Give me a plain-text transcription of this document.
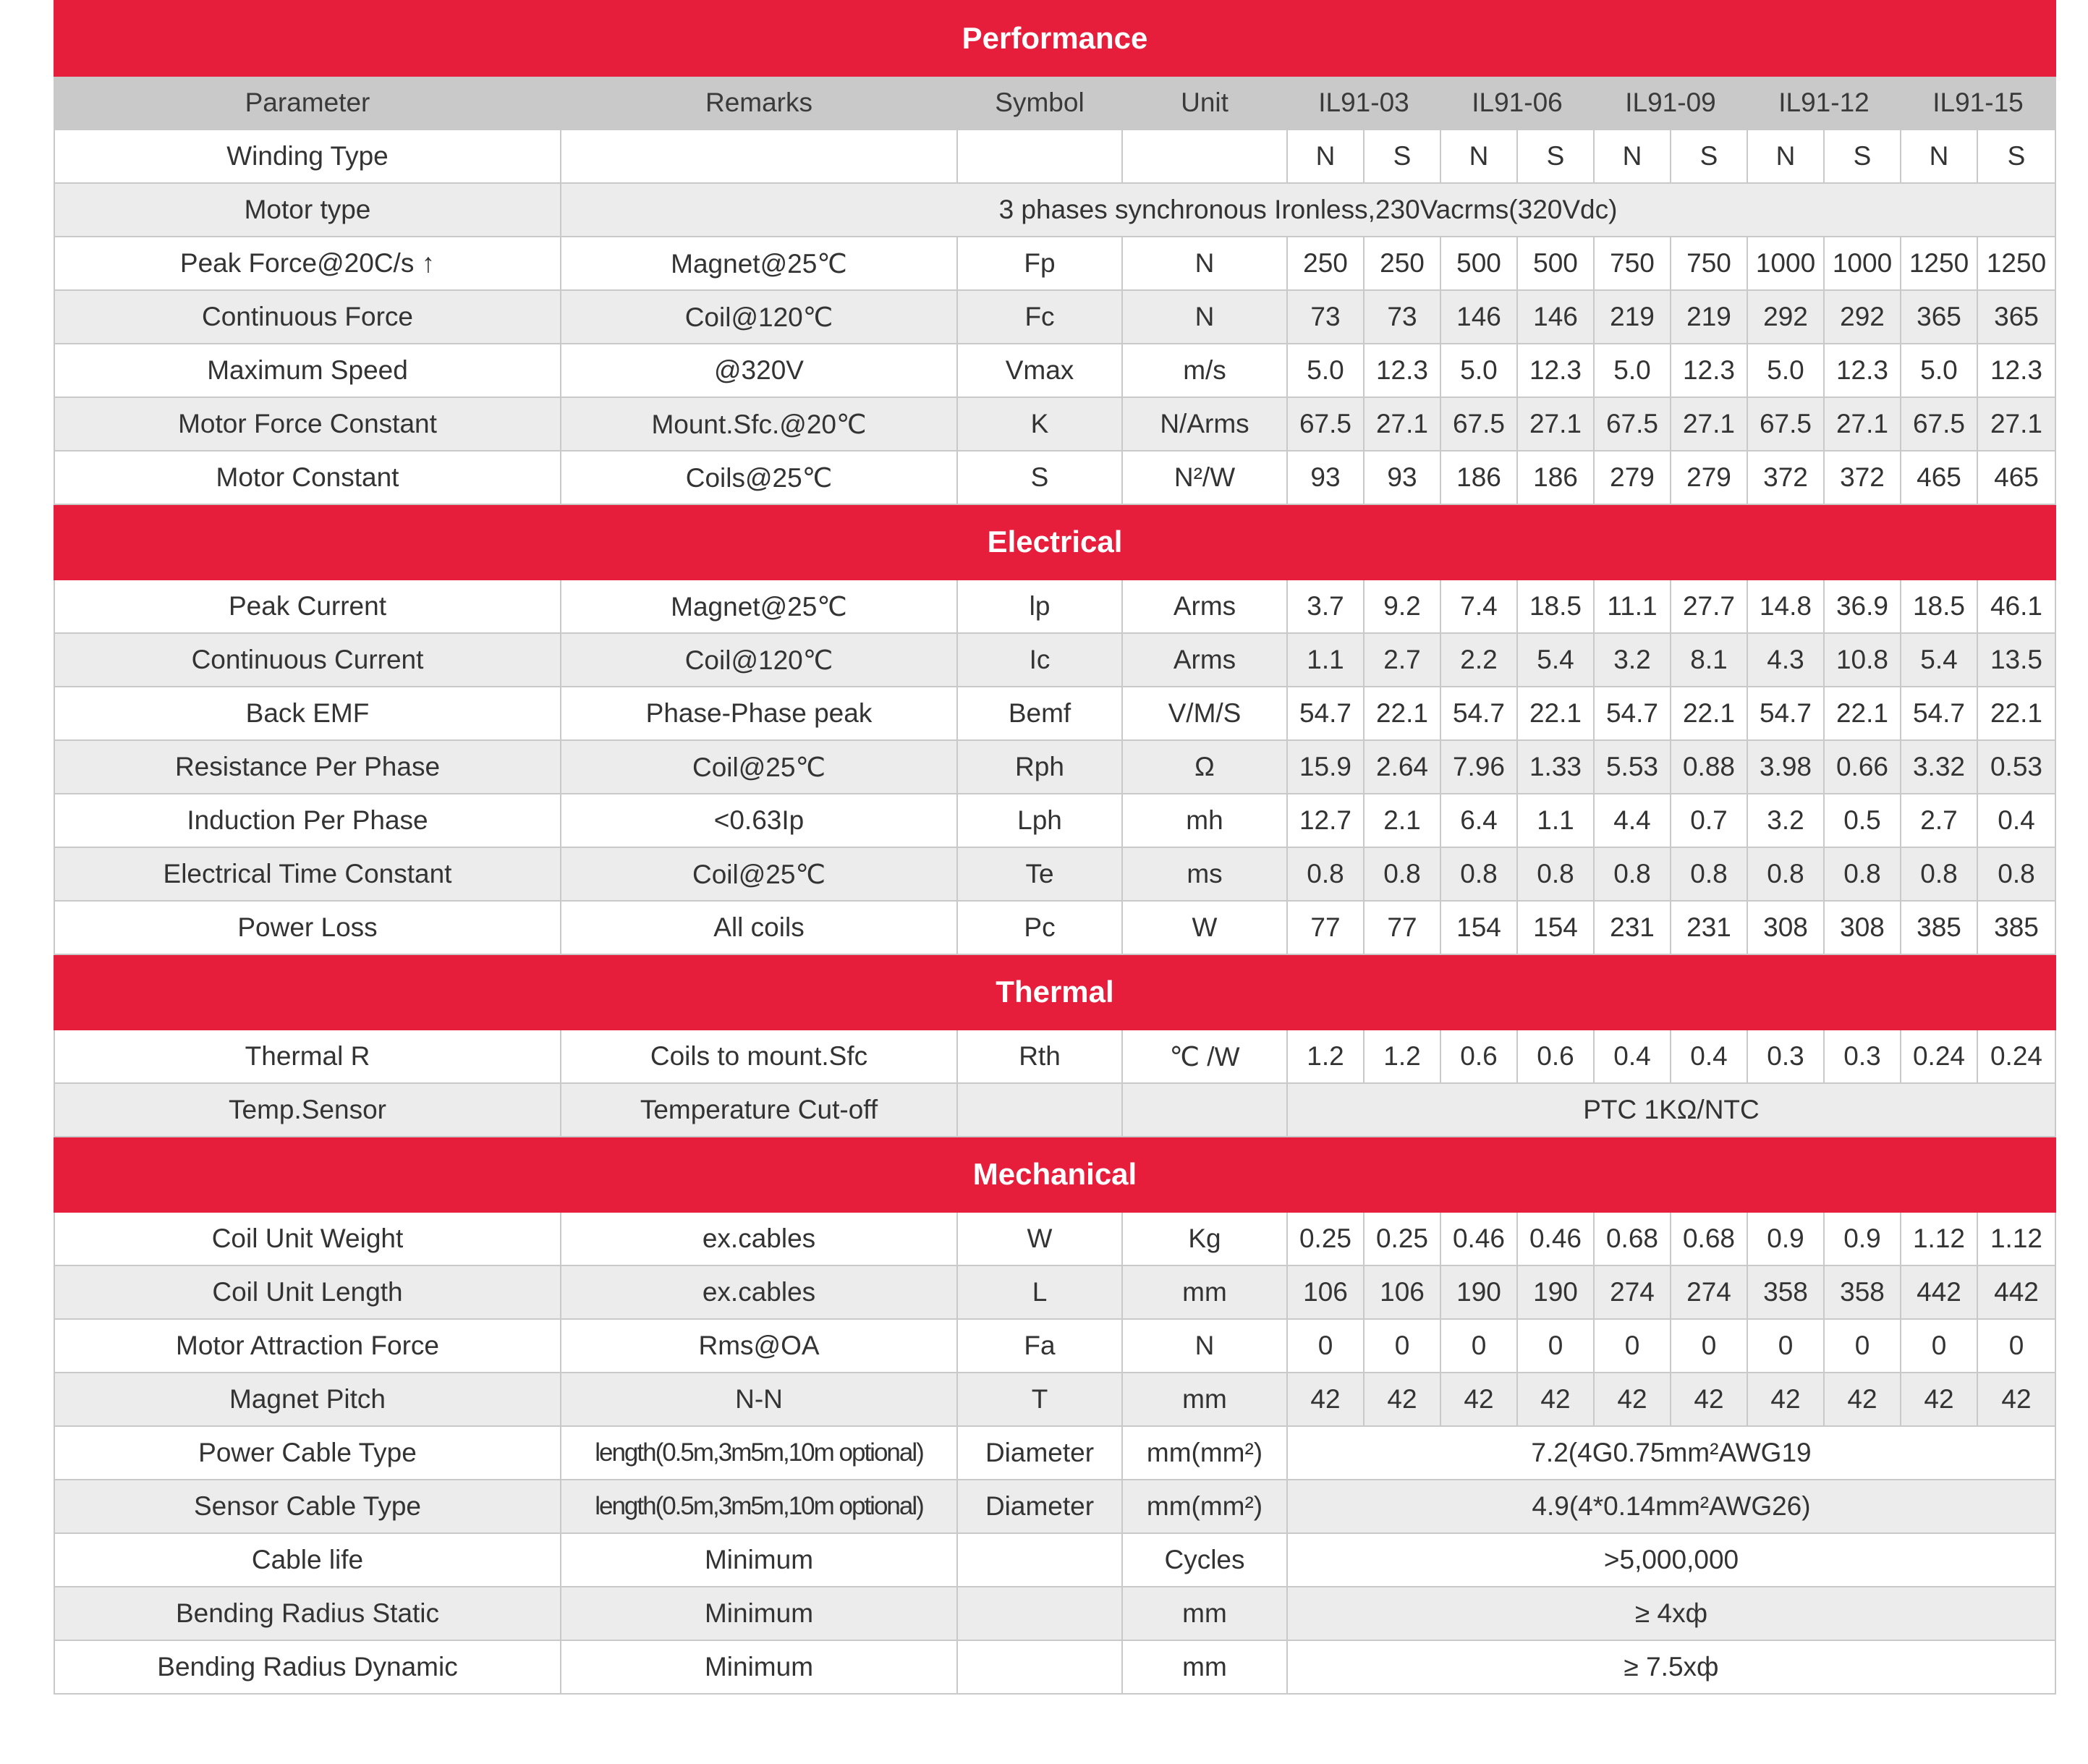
Performance													
Parameter	Remarks	Symbol	Unit	IL91-03		IL91-06		IL91-09		IL91-12		IL91-15	
Winding Type				N	S	N	S	N	S	N	S	N	S
Motor type	3 phases synchronous Ironless,230Vacrms(320Vdc)												
Peak Force@20C/s ↑	Magnet@25℃	Fp	N	250	250	500	500	750	750	1000	1000	1250	1250
Continuous Force	Coil@120℃	Fc	N	73	73	146	146	219	219	292	292	365	365
Maximum Speed	@320V	Vmax	m/s	5.0	12.3	5.0	12.3	5.0	12.3	5.0	12.3	5.0	12.3
Motor Force Constant	Mount.Sfc.@20℃	K	N/Arms	67.5	27.1	67.5	27.1	67.5	27.1	67.5	27.1	67.5	27.1
Motor Constant	Coils@25℃	S	N²/W	93	93	186	186	279	279	372	372	465	465
Electrical													
Peak Current	Magnet@25℃	lp	Arms	3.7	9.2	7.4	18.5	11.1	27.7	14.8	36.9	18.5	46.1
Continuous Current	Coil@120℃	Ic	Arms	1.1	2.7	2.2	5.4	3.2	8.1	4.3	10.8	5.4	13.5
Back EMF	Phase-Phase peak	Bemf	V/M/S	54.7	22.1	54.7	22.1	54.7	22.1	54.7	22.1	54.7	22.1
Resistance Per Phase	Coil@25℃	Rph	Ω	15.9	2.64	7.96	1.33	5.53	0.88	3.98	0.66	3.32	0.53
Induction Per Phase	<0.63Ip	Lph	mh	12.7	2.1	6.4	1.1	4.4	0.7	3.2	0.5	2.7	0.4
Electrical Time Constant	Coil@25℃	Te	ms	0.8	0.8	0.8	0.8	0.8	0.8	0.8	0.8	0.8	0.8
Power Loss	All coils	Pc	W	77	77	154	154	231	231	308	308	385	385
Thermal													
Thermal R	Coils to mount.Sfc	Rth	℃ /W	1.2	1.2	0.6	0.6	0.4	0.4	0.3	0.3	0.24	0.24
Temp.Sensor	Temperature Cut-off			PTC 1KΩ/NTC									
Mechanical													
Coil Unit Weight	ex.cables	W	Kg	0.25	0.25	0.46	0.46	0.68	0.68	0.9	0.9	1.12	1.12
Coil Unit Length	ex.cables	L	mm	106	106	190	190	274	274	358	358	442	442
Motor Attraction Force	Rms@OA	Fa	N	0	0	0	0	0	0	0	0	0	0
Magnet Pitch	N-N	T	mm	42	42	42	42	42	42	42	42	42	42
Power Cable Type	length(0.5m,3m5m,10m optional)	Diameter	mm(mm²)	7.2(4G0.75mm²AWG19									
Sensor Cable Type	length(0.5m,3m5m,10m optional)	Diameter	mm(mm²)	4.9(4*0.14mm²AWG26)									
Cable life	Minimum		Cycles	>5,000,000									
Bending Radius Static	Minimum		mm	≥ 4xф									
Bending Radius Dynamic	Minimum		mm	≥ 7.5xф									
